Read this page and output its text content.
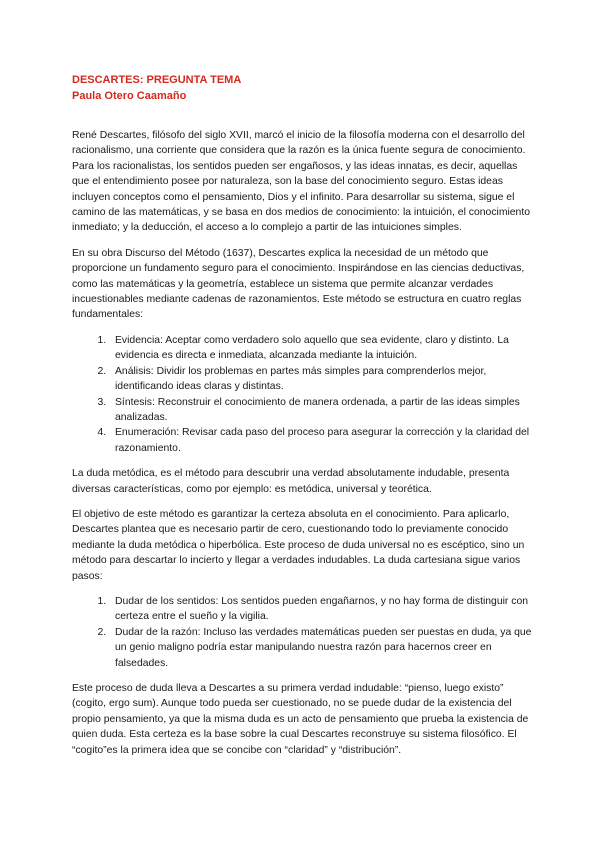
DESCARTES: PREGUNTA TEMA
Paula Otero Caamaño

René Descartes, filósofo del siglo XVII, marcó el inicio de la filosofía moderna con el desarrollo del racionalismo, una corriente que considera que la razón es la única fuente segura de conocimiento. Para los racionalistas, los sentidos pueden ser engañosos, y las ideas innatas, es decir, aquellas que el entendimiento posee por naturaleza, son la base del conocimiento seguro. Estas ideas incluyen conceptos como el pensamiento, Dios y el infinito. Para desarrollar su sistema, sigue el camino de las matemáticas, y se basa en dos medios de conocimiento: la intuición, el conocimiento inmediato; y la deducción, el acceso a lo complejo a partir de las intuiciones simples.

En su obra Discurso del Método (1637), Descartes explica la necesidad de un método que proporcione un fundamento seguro para el conocimiento. Inspirándose en las ciencias deductivas, como las matemáticas y la geometría, establece un sistema que permite alcanzar verdades incuestionables mediante cadenas de razonamientos. Este método se estructura en cuatro reglas fundamentales:

1. Evidencia: Aceptar como verdadero solo aquello que sea evidente, claro y distinto. La evidencia es directa e inmediata, alcanzada mediante la intuición.
2. Análisis: Dividir los problemas en partes más simples para comprenderlos mejor, identificando ideas claras y distintas.
3. Síntesis: Reconstruir el conocimiento de manera ordenada, a partir de las ideas simples analizadas.
4. Enumeración: Revisar cada paso del proceso para asegurar la corrección y la claridad del razonamiento.

La duda metódica, es el método para descubrir una verdad absolutamente indudable, presenta diversas características, como por ejemplo: es metódica, universal y teorética.

El objetivo de este método es garantizar la certeza absoluta en el conocimiento. Para aplicarlo, Descartes plantea que es necesario partir de cero, cuestionando todo lo previamente conocido mediante la duda metódica o hiperbólica. Este proceso de duda universal no es escéptico, sino un método para descartar lo incierto y llegar a verdades indudables. La duda cartesiana sigue varios pasos:

1. Dudar de los sentidos: Los sentidos pueden engañarnos, y no hay forma de distinguir con certeza entre el sueño y la vigilia.
2. Dudar de la razón: Incluso las verdades matemáticas pueden ser puestas en duda, ya que un genio maligno podría estar manipulando nuestra razón para hacernos creer en falsedades.

Este proceso de duda lleva a Descartes a su primera verdad indudable: “pienso, luego existo” (cogito, ergo sum). Aunque todo pueda ser cuestionado, no se puede dudar de la existencia del propio pensamiento, ya que la misma duda es un acto de pensamiento que prueba la existencia de quien duda. Esta certeza es la base sobre la cual Descartes reconstruye su sistema filosófico. El “cogito”es la primera idea que se concibe con “claridad” y “distribución”.
